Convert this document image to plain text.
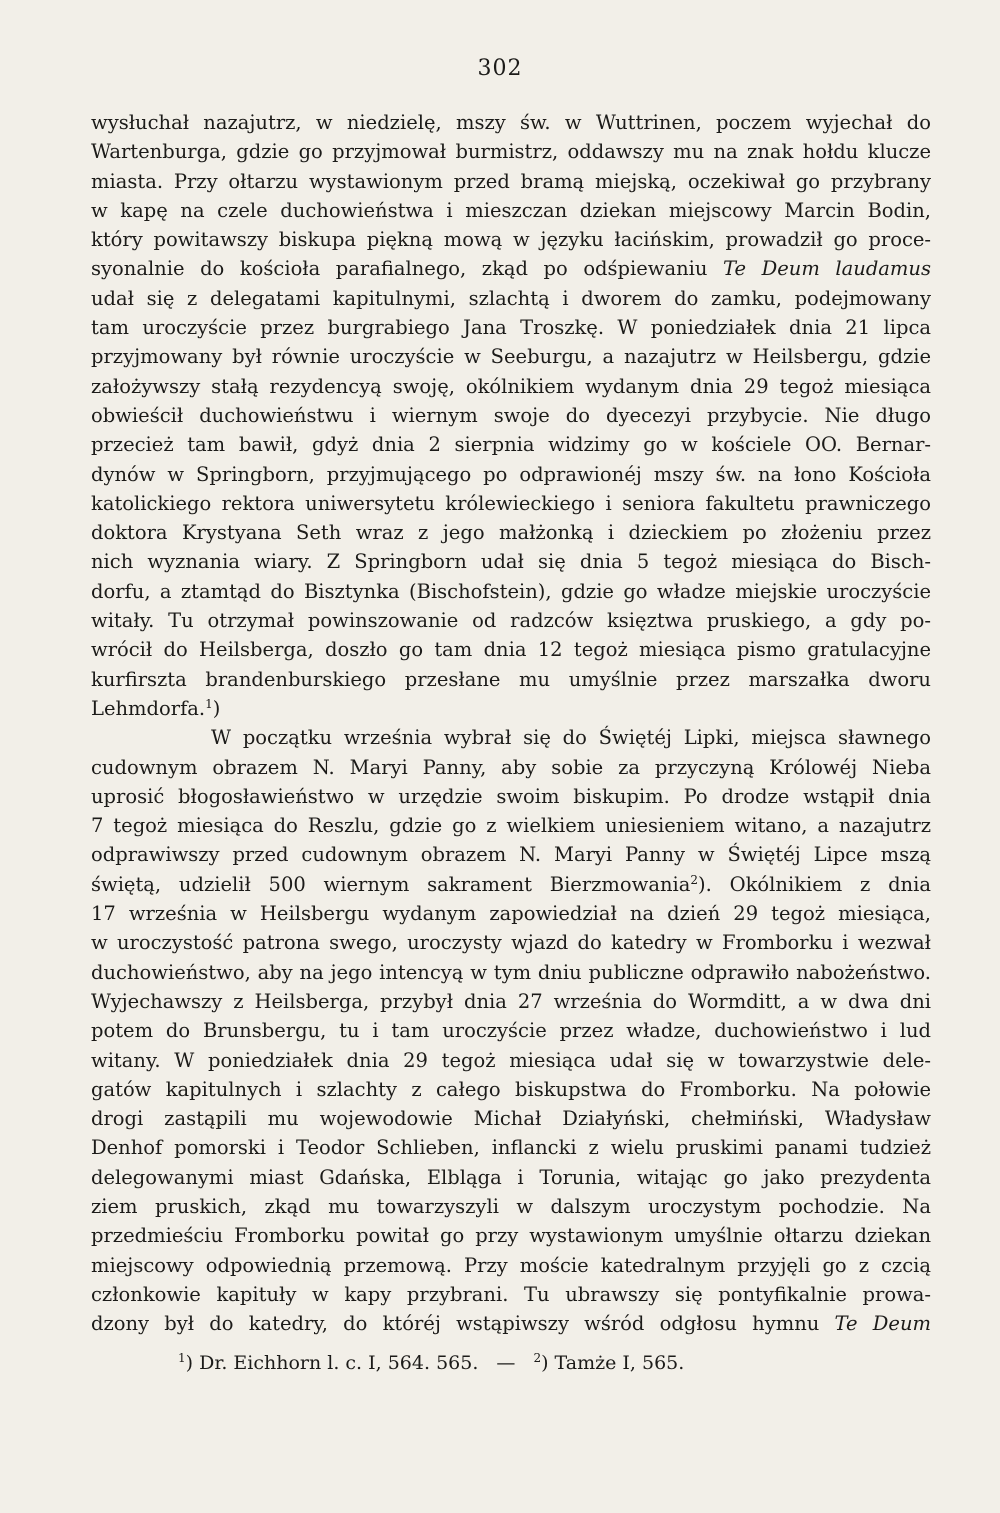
302
wysłuchał nazajutrz, w niedzielę, mszy św. w Wuttrinen, poczem wyjechał do
Wartenburga, gdzie go przyjmował burmistrz, oddawszy mu na znak hołdu klucze
miasta. Przy ołtarzu wystawionym przed bramą miejską, oczekiwał go przybrany
w kapę na czele duchowieństwa i mieszczan dziekan miejscowy Marcin Bodin,
który powitawszy biskupa piękną mową w języku łacińskim, prowadził go proce-
syonalnie do kościoła parafialnego, zkąd po odśpiewaniu Te Deum laudamus
udał się z delegatami kapitulnymi, szlachtą i dworem do zamku, podejmowany
tam uroczyście przez burgrabiego Jana Troszkę. W poniedziałek dnia 21 lipca
przyjmowany był równie uroczyście w Seeburgu, a nazajutrz w Heilsbergu, gdzie
założywszy stałą rezydencyą swoję, okólnikiem wydanym dnia 29 tegoż miesiąca
obwieścił duchowieństwu i wiernym swoje do dyecezyi przybycie. Nie długo
przecież tam bawił, gdyż dnia 2 sierpnia widzimy go w kościele OO. Bernar-
dynów w Springborn, przyjmującego po odprawionéj mszy św. na łono Kościoła
katolickiego rektora uniwersytetu królewieckiego i seniora fakultetu prawniczego
doktora Krystyana Seth wraz z jego małżonką i dzieckiem po złożeniu przez
nich wyznania wiary. Z Springborn udał się dnia 5 tegoż miesiąca do Bisch-
dorfu, a ztamtąd do Bisztynka (Bischofstein), gdzie go władze miejskie uroczyście
witały. Tu otrzymał powinszowanie od radzców księztwa pruskiego, a gdy po-
wrócił do Heilsberga, doszło go tam dnia 12 tegoż miesiąca pismo gratulacyjne
kurfirszta brandenburskiego przesłane mu umyślnie przez marszałka dworu
Lehmdorfa.$^1$)
W początku września wybrał się do Świętéj Lipki, miejsca sławnego
cudownym obrazem N. Maryi Panny, aby sobie za przyczyną Królowéj Nieba
uprosić błogosławieństwo w urzędzie swoim biskupim. Po drodze wstąpił dnia
7 tegoż miesiąca do Reszlu, gdzie go z wielkiem uniesieniem witano, a nazajutrz
odprawiwszy przed cudownym obrazem N. Maryi Panny w Świętéj Lipce mszą
świętą, udzielił 500 wiernym sakrament Bierzmowania$^2$). Okólnikiem z dnia
17 września w Heilsbergu wydanym zapowiedział na dzień 29 tegoż miesiąca,
w uroczystość patrona swego, uroczysty wjazd do katedry w Fromborku i wezwał
duchowieństwo, aby na jego intencyą w tym dniu publiczne odprawiło nabożeństwo.
Wyjechawszy z Heilsberga, przybył dnia 27 września do Wormditt, a w dwa dni
potem do Brunsbergu, tu i tam uroczyście przez władze, duchowieństwo i lud
witany. W poniedziałek dnia 29 tegoż miesiąca udał się w towarzystwie dele-
gatów kapitulnych i szlachty z całego biskupstwa do Fromborku. Na połowie
drogi zastąpili mu wojewodowie Michał Działyński, chełmiński, Władysław
Denhof pomorski i Teodor Schlieben, inflancki z wielu pruskimi panami tudzież
delegowanymi miast Gdańska, Elbląga i Torunia, witając go jako prezydenta
ziem pruskich, zkąd mu towarzyszyli w dalszym uroczystym pochodzie. Na
przedmieściu Fromborku powitał go przy wystawionym umyślnie ołtarzu dziekan
miejscowy odpowiednią przemową. Przy moście katedralnym przyjęli go z czcią
członkowie kapituły w kapy przybrani. Tu ubrawszy się pontyfikalnie prowa-
dzony był do katedry, do któréj wstąpiwszy wśród odgłosu hymnu Te Deum
$^1$) Dr. Eichhorn l. c. I, 564. 565. — $^2$) Tamże I, 565.
